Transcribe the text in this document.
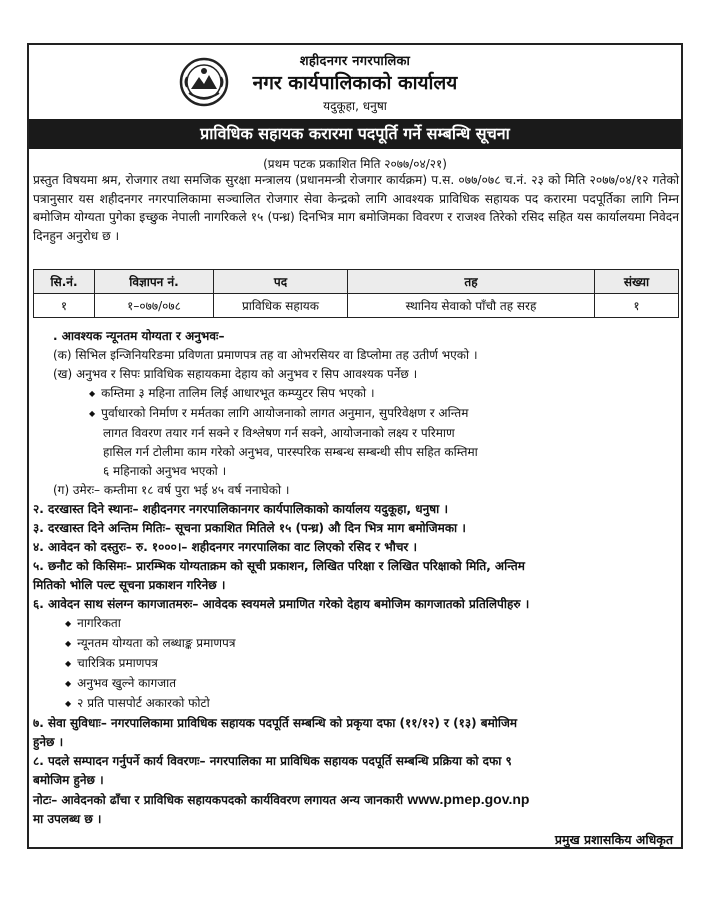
शहीदनगर नगरपालिका
नगर कार्यपालिकाको कार्यालय
यदुकूहा, धनुषा
प्राविधिक सहायक करारमा पदपूर्ति गर्ने सम्बन्धि सूचना
(प्रथम पटक प्रकाशित मिति २०७७/०४/२१)

प्रस्तुत विषयमा श्रम, रोजगार तथा समजिक सुरक्षा मन्त्रालय (प्रधानमन्त्री रोजगार कार्यक्रम) प.स. ०७७/०७८ च.नं. २३ को मिति २०७७/०४/१२ गतेको पत्रानुसार यस शहीदनगर नगरपालिकामा सञ्चालित रोजगार सेवा केन्द्रको लागि आवश्यक प्राविधिक सहायक पद करारमा पदपूर्तिका लागि निम्न बमोजिम योग्यता पुगेका इच्छुक नेपाली नागरिकले १५ (पन्ध्र) दिनभित्र माग बमोजिमका विवरण र राजश्व तिरेको रसिद सहित यस कार्यालयमा निवेदन दिनहुन अनुरोध छ ।

सि.नं.	विज्ञापन नं.	पद	तह	संख्या
१	१–०७७/०७८	प्राविधिक सहायक	स्थानिय सेवाको पाँचौ तह सरह	१

. आवश्यक न्यूनतम योग्यता र अनुभवः–

(क) सिभिल इन्जिनियरिङमा प्रविणता प्रमाणपत्र तह वा ओभरसियर वा डिप्लोमा तह उतीर्ण भएको ।

(ख) अनुभव र सिपः प्राविधिक सहायकमा देहाय को अनुभव र सिप आवश्यक पर्नेछ ।

◆ कम्तिमा ३ महिना तालिम लिई आधारभूत कम्प्युटर सिप भएको ।

◆ पुर्वाधारको निर्माण र मर्मतका लागि आयोजनाको लागत अनुमान, सुपरिवेक्षण र अन्तिम

लागत विवरण तयार गर्न सक्ने र विश्लेषण गर्न सक्ने, आयोजनाको लक्ष्य र परिमाण

हासिल गर्न टोलीमा काम गरेको अनुभव, पारस्परिक सम्बन्ध सम्बन्धी सीप सहित कम्तिमा

६ महिनाको अनुभव भएको ।

(ग) उमेरः– कम्तीमा १८ वर्ष पुरा भई ४५ वर्ष ननाघेको ।

२. दरखास्त दिने स्थानः– शहीदनगर नगरपालिकानगर कार्यपालिकाको कार्यालय यदुकूहा, धनुषा ।

३. दरखास्त दिने अन्तिम मितिः– सूचना प्रकाशित मितिले १५ (पन्ध्र) औ दिन भित्र माग बमोजिमका ।

४. आवेदन को दस्तुरः– रु. १०००।– शहीदनगर नगरपालिका वाट लिएको रसिद र भौचर ।

५. छनौट को किसिमः– प्रारम्भिक योग्यताक्रम को सूची प्रकाशन, लिखित परिक्षा र लिखित परिक्षाको मिति, अन्तिम

मितिको भोलि पल्ट सूचना प्रकाशन गरिनेछ ।

६. आवेदन साथ संलग्न कागजातमरुः– आवेदक स्वयमले प्रमाणित गरेको देहाय बमोजिम कागजातको प्रतिलिपीहरु ।

◆ नागरिकता

◆ न्यूनतम योग्यता को लब्धाङ्क प्रमाणपत्र

◆ चारित्रिक प्रमाणपत्र

◆ अनुभव खुल्ने कागजात

◆ २ प्रति पासपोर्ट अकारको फोटो

७. सेवा सुविधाः– नगरपालिकामा प्राविधिक सहायक पदपूर्ति सम्बन्धि को प्रकृया दफा (११/१२) र (१३) बमोजिम

हुनेछ ।

८. पदले सम्पादन गर्नुपर्ने कार्य विवरणः– नगरपालिका मा प्राविधिक सहायक पदपूर्ति सम्बन्धि प्रक्रिया को दफा ९

बमोजिम हुनेछ ।

नोटः– आवेदनको ढाँचा र प्राविधिक सहायकपदको कार्यविवरण लगायत अन्य जानकारी www.pmep.gov.np

मा उपलब्ध छ ।

प्रमुख प्रशासकिय अधिकृत
